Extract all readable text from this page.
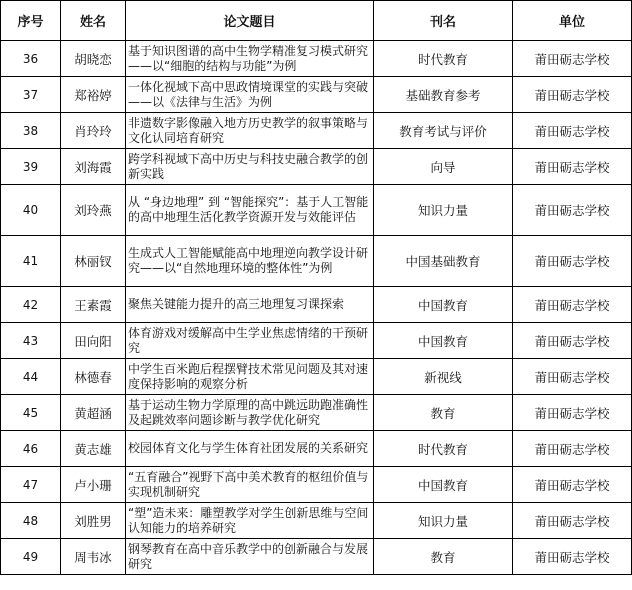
序号	姓名	论文题目	刊名	单位
36	胡晓恋	基于知识图谱的高中生物学精准复习模式研究——以“细胞的结构与功能”为例	时代教育	莆田砺志学校
37	郑裕婷	一体化视域下高中思政情境课堂的实践与突破——以《法律与生活》为例	基础教育参考	莆田砺志学校
38	肖玲玲	非遗数字影像融入地方历史教学的叙事策略与文化认同培育研究	教育考试与评价	莆田砺志学校
39	刘海霞	跨学科视域下高中历史与科技史融合教学的创新实践	向导	莆田砺志学校
40	刘玲燕	从 “身边地理” 到 “智能探究”：基于人工智能的高中地理生活化教学资源开发与效能评估	知识力量	莆田砺志学校
41	林丽钗	生成式人工智能赋能高中地理逆向教学设计研究——以“自然地理环境的整体性”为例	中国基础教育	莆田砺志学校
42	王素霞	聚焦关键能力提升的高三地理复习课探索	中国教育	莆田砺志学校
43	田向阳	体育游戏对缓解高中生学业焦虑情绪的干预研究	中国教育	莆田砺志学校
44	林德春	中学生百米跑后程摆臂技术常见问题及其对速度保持影响的观察分析	新视线	莆田砺志学校
45	黄超涵	基于运动生物力学原理的高中跳远助跑准确性及起跳效率问题诊断与教学优化研究	教育	莆田砺志学校
46	黄志雄	校园体育文化与学生体育社团发展的关系研究	时代教育	莆田砺志学校
47	卢小珊	“五育融合”视野下高中美术教育的枢纽价值与实现机制研究	中国教育	莆田砺志学校
48	刘胜男	“塑”造未来：雕塑教学对学生创新思维与空间认知能力的培养研究	知识力量	莆田砺志学校
49	周韦冰	钢琴教育在高中音乐教学中的创新融合与发展研究	教育	莆田砺志学校
